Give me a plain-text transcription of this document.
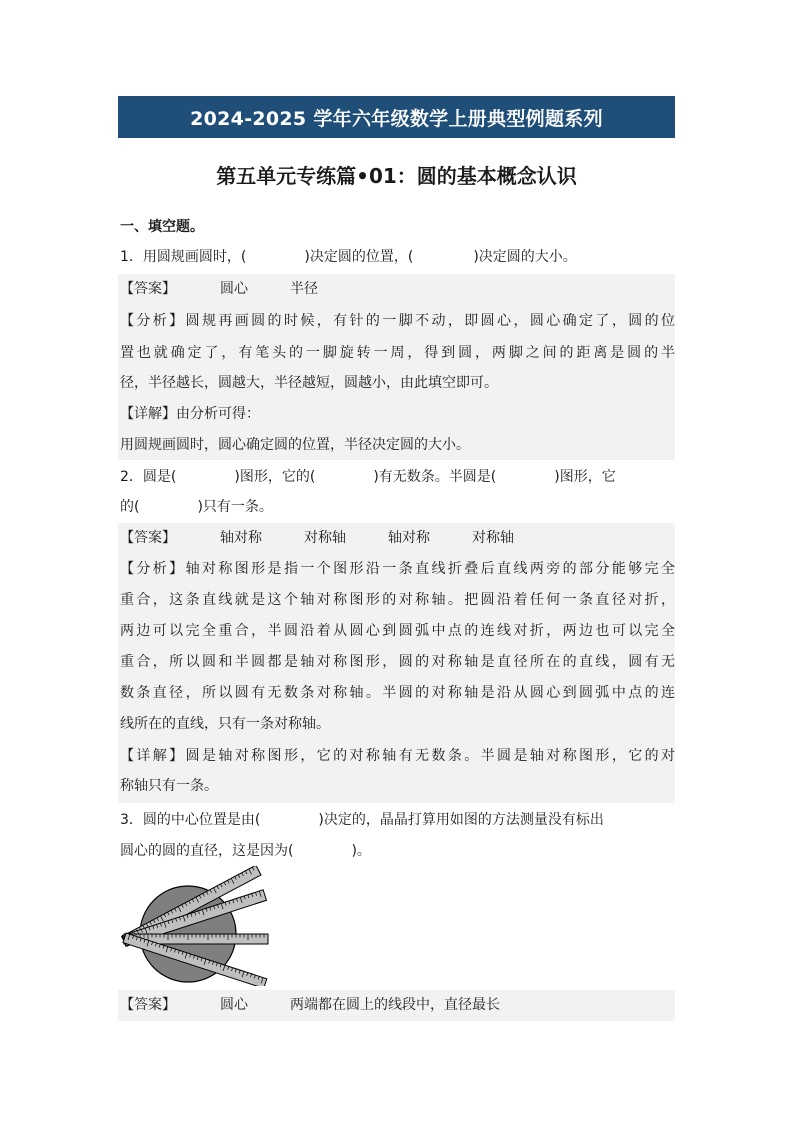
2024-2025 学年六年级数学上册典型例题系列
第五单元专练篇•01：圆的基本概念认识
一、填空题。
1．用圆规画圆时，(	)决定圆的位置，(	)决定圆的大小。
【答案】	圆心	半径
【分析】圆规再画圆的时候，有针的一脚不动，即圆心，圆心确定了，圆的位
置也就确定了，有笔头的一脚旋转一周，得到圆，两脚之间的距离是圆的半
径，半径越长，圆越大，半径越短，圆越小，由此填空即可。
【详解】由分析可得：
用圆规画圆时，圆心确定圆的位置，半径决定圆的大小。
2．圆是(	)图形，它的(	)有无数条。半圆是(	)图形，它
的(	)只有一条。
【答案】	轴对称	对称轴	轴对称	对称轴
【分析】轴对称图形是指一个图形沿一条直线折叠后直线两旁的部分能够完全
重合，这条直线就是这个轴对称图形的对称轴。把圆沿着任何一条直径对折，
两边可以完全重合，半圆沿着从圆心到圆弧中点的连线对折，两边也可以完全
重合，所以圆和半圆都是轴对称图形，圆的对称轴是直径所在的直线，圆有无
数条直径，所以圆有无数条对称轴。半圆的对称轴是沿从圆心到圆弧中点的连
线所在的直线，只有一条对称轴。
【详解】圆是轴对称图形，它的对称轴有无数条。半圆是轴对称图形，它的对
称轴只有一条。
3．圆的中心位置是由(	)决定的，晶晶打算用如图的方法测量没有标出
圆心的圆的直径，这是因为(	)。
【答案】	圆心	两端都在圆上的线段中，直径最长
